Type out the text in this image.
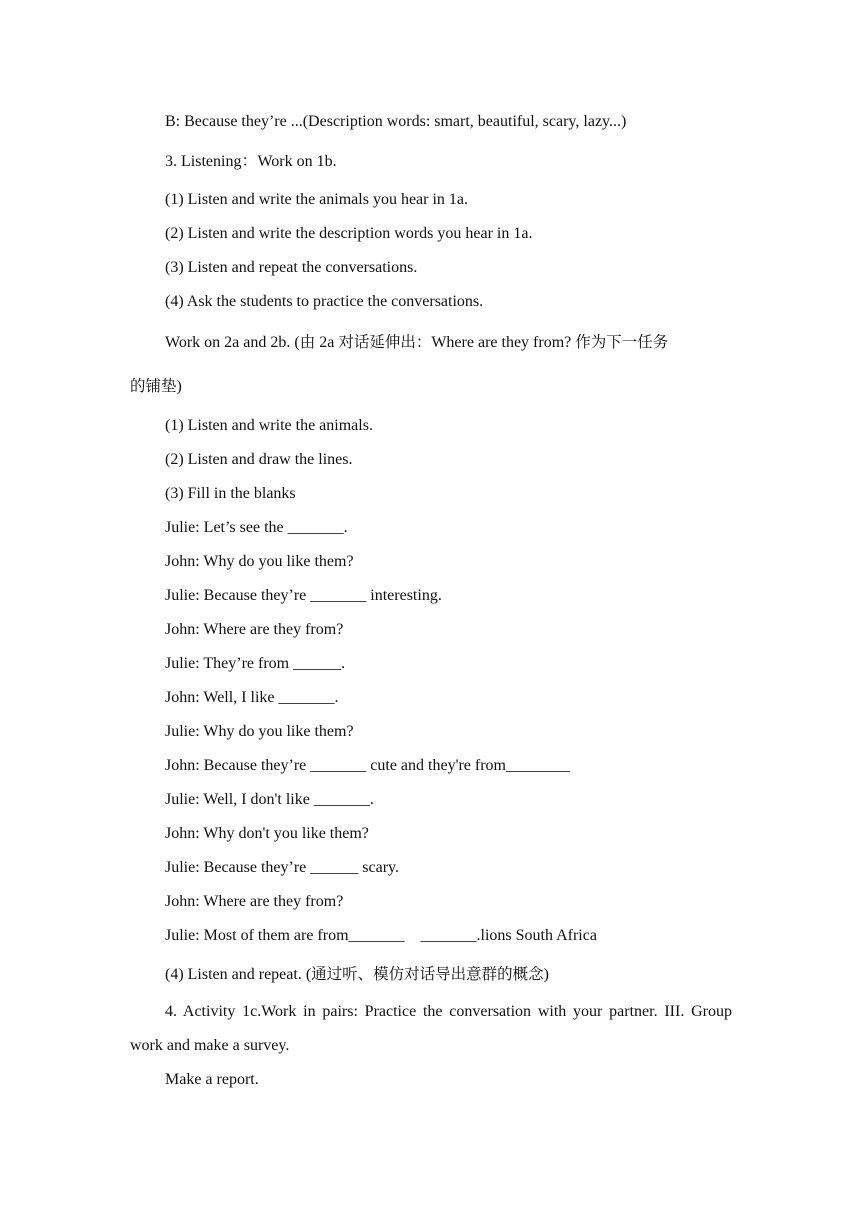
B: Because they’re ...(Description words: smart, beautiful, scary, lazy...)
3. Listening：Work on 1b.
(1) Listen and write the animals you hear in 1a.
(2) Listen and write the description words you hear in 1a.
(3) Listen and repeat the conversations.
(4) Ask the students to practice the conversations.
Work on 2a and 2b. (由 2a 对话延伸出：Where are they from? 作为下一任务
的铺垫)
(1) Listen and write the animals.
(2) Listen and draw the lines.
(3) Fill in the blanks
Julie: Let’s see the _______.
John: Why do you like them?
Julie: Because they’re _______ interesting.
John: Where are they from?
Julie: They’re from ______.
John: Well, I like _______.
Julie: Why do you like them?
John: Because they’re _______ cute and they're from________
Julie: Well, I don't like _______.
John: Why don't you like them?
Julie: Because they’re ______ scary.
John: Where are they from?
Julie: Most of them are from_______    _______.lions South Africa
(4) Listen and repeat. (通过听、模仿对话导出意群的概念)
4. Activity 1c.Work in pairs: Practice the conversation with your partner. III. Group work and make a survey.
Make a report.
